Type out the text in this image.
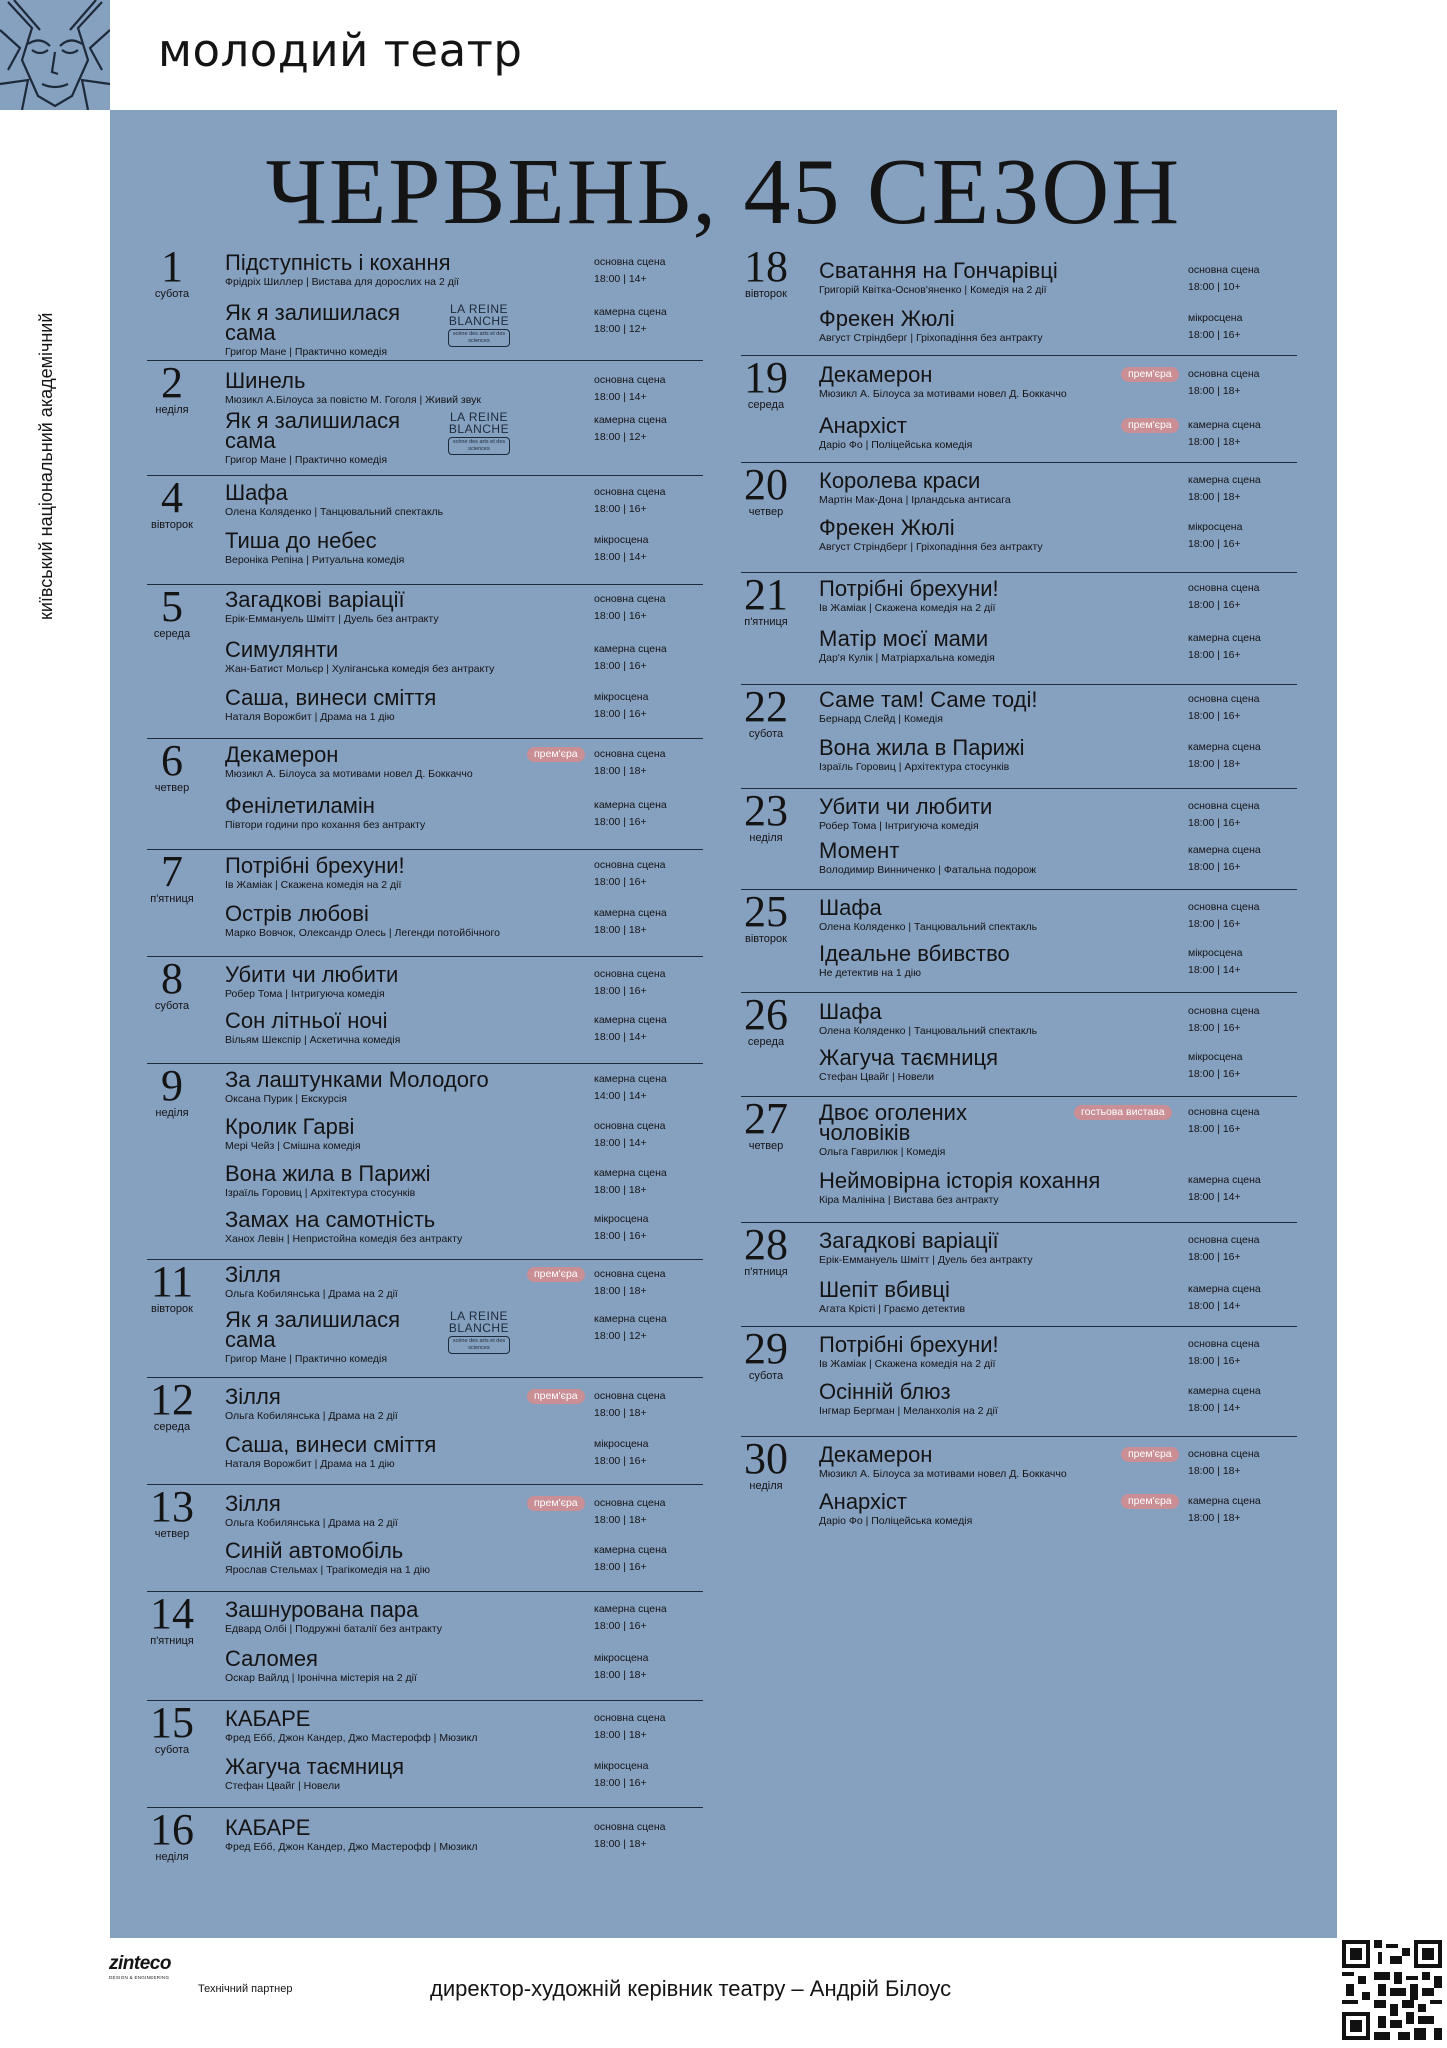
молодий театр
київський національний академічний
ЧЕРВЕНЬ, 45 СЕЗОН
1
субота
Підступність і кохання
Фрідріх Шиллер | Вистава для дорослих на 2 дії
основна сцена
18:00 | 14+
Як я залишилася сама
Григор Мане | Практично комедія
камерна сцена
18:00 | 12+
LA REINE
BLANCHE
scène des arts et des sciences
2
неділя
Шинель
Мюзикл А.Білоуса за повістю М. Гоголя | Живий звук
основна сцена
18:00 | 14+
Як я залишилася сама
Григор Мане | Практично комедія
камерна сцена
18:00 | 12+
LA REINE
BLANCHE
scène des arts et des sciences
4
вівторок
Шафа
Олена Коляденко | Танцювальний спектакль
основна сцена
18:00 | 16+
Тиша до небес
Вероніка Репіна | Ритуальна комедія
мікросцена
18:00 | 14+
5
середа
Загадкові варіації
Ерік-Еммануель Шмітт | Дуель без антракту
основна сцена
18:00 | 16+
Симулянти
Жан-Батист Мольєр | Хуліганська комедія без антракту
камерна сцена
18:00 | 16+
Саша, винеси сміття
Наталя Ворожбит | Драма на 1 дію
мікросцена
18:00 | 16+
6
четвер
Декамерон
Мюзикл А. Білоуса за мотивами новел Д. Боккаччо
основна сцена
18:00 | 18+
прем'єра
Фенілетиламін
Півтори години про кохання без антракту
камерна сцена
18:00 | 16+
7
п'ятниця
Потрібні брехуни!
Ів Жаміак | Скажена комедія на 2 дії
основна сцена
18:00 | 16+
Острів любові
Марко Вовчок, Олександр Олесь | Легенди потойбічного
камерна сцена
18:00 | 18+
8
субота
Убити чи любити
Робер Тома | Інтригуюча комедія
основна сцена
18:00 | 16+
Сон літньої ночі
Вільям Шекспір | Аскетична комедія
камерна сцена
18:00 | 14+
9
неділя
За лаштунками Молодого
Оксана Пурик | Екскурсія
камерна сцена
14:00 | 14+
Кролик Гарві
Мері Чейз | Смішна комедія
основна сцена
18:00 | 14+
Вона жила в Парижі
Ізраїль Горовиц | Архітектура стосунків
камерна сцена
18:00 | 18+
Замах на самотність
Ханох Левін | Непристойна комедія без антракту
мікросцена
18:00 | 16+
11
вівторок
Зілля
Ольга Кобилянська | Драма на 2 дії
основна сцена
18:00 | 18+
прем'єра
Як я залишилася сама
Григор Мане | Практично комедія
камерна сцена
18:00 | 12+
LA REINE
BLANCHE
scène des arts et des sciences
12
середа
Зілля
Ольга Кобилянська | Драма на 2 дії
основна сцена
18:00 | 18+
прем'єра
Саша, винеси сміття
Наталя Ворожбит | Драма на 1 дію
мікросцена
18:00 | 16+
13
четвер
Зілля
Ольга Кобилянська | Драма на 2 дії
основна сцена
18:00 | 18+
прем'єра
Синій автомобіль
Ярослав Стельмах | Трагікомедія на 1 дію
камерна сцена
18:00 | 16+
14
п'ятниця
Зашнурована пара
Едвард Олбі | Подружні баталії без антракту
камерна сцена
18:00 | 16+
Саломея
Оскар Вайлд | Іронічна містерія на 2 дії
мікросцена
18:00 | 18+
15
субота
КАБАРЕ
Фред Ебб, Джон Кандер, Джо Мастерофф | Мюзикл
основна сцена
18:00 | 18+
Жагуча таємниця
Стефан Цвайг | Новели
мікросцена
18:00 | 16+
16
неділя
КАБАРЕ
Фред Ебб, Джон Кандер, Джо Мастерофф | Мюзикл
основна сцена
18:00 | 18+
18
вівторок
Сватання на Гончарівці
Григорій Квітка-Основ'яненко | Комедія на 2 дії
основна сцена
18:00 | 10+
Фрекен Жюлі
Август Стріндберг | Гріхопадіння без антракту
мікросцена
18:00 | 16+
19
середа
Декамерон
Мюзикл А. Білоуса за мотивами новел Д. Боккаччо
основна сцена
18:00 | 18+
прем'єра
Анархіст
Даріо Фо | Поліцейська комедія
камерна сцена
18:00 | 18+
прем'єра
20
четвер
Королева краси
Мартін Мак-Дона | Ірландська антисага
камерна сцена
18:00 | 18+
Фрекен Жюлі
Август Стріндберг | Гріхопадіння без антракту
мікросцена
18:00 | 16+
21
п'ятниця
Потрібні брехуни!
Ів Жаміак | Скажена комедія на 2 дії
основна сцена
18:00 | 16+
Матір моєї мами
Дар'я Кулік | Матріархальна комедія
камерна сцена
18:00 | 16+
22
субота
Саме там! Саме тоді!
Бернард Слейд | Комедія
основна сцена
18:00 | 16+
Вона жила в Парижі
Ізраїль Горовиц | Архітектура стосунків
камерна сцена
18:00 | 18+
23
неділя
Убити чи любити
Робер Тома | Інтригуюча комедія
основна сцена
18:00 | 16+
Момент
Володимир Винниченко | Фатальна подорож
камерна сцена
18:00 | 16+
25
вівторок
Шафа
Олена Коляденко | Танцювальний спектакль
основна сцена
18:00 | 16+
Ідеальне вбивство
Не детектив на 1 дію
мікросцена
18:00 | 14+
26
середа
Шафа
Олена Коляденко | Танцювальний спектакль
основна сцена
18:00 | 16+
Жагуча таємниця
Стефан Цвайг | Новели
мікросцена
18:00 | 16+
27
четвер
Двоє оголених чоловіків
Ольга Гаврилюк | Комедія
основна сцена
18:00 | 16+
гостьова вистава
Неймовірна історія кохання
Кіра Малініна | Вистава без антракту
камерна сцена
18:00 | 14+
28
п'ятниця
Загадкові варіації
Ерік-Еммануель Шмітт | Дуель без антракту
основна сцена
18:00 | 16+
Шепіт вбивці
Агата Крісті | Граємо детектив
камерна сцена
18:00 | 14+
29
субота
Потрібні брехуни!
Ів Жаміак | Скажена комедія на 2 дії
основна сцена
18:00 | 16+
Осінній блюз
Інгмар Бергман | Меланхолія на 2 дії
камерна сцена
18:00 | 14+
30
неділя
Декамерон
Мюзикл А. Білоуса за мотивами новел Д. Боккаччо
основна сцена
18:00 | 18+
прем'єра
Анархіст
Даріо Фо | Поліцейська комедія
камерна сцена
18:00 | 18+
прем'єра
zinteco
DESIGN & ENGINEERING
Технічний партнер	директор-художній керівник театру – Андрій Білоус
